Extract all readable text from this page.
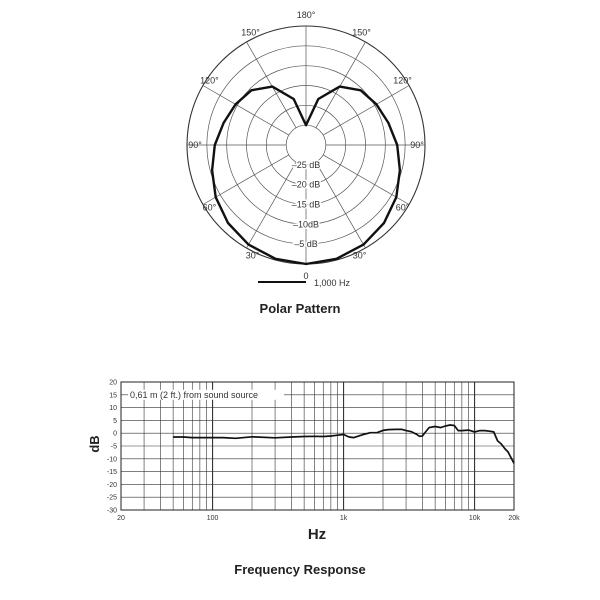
180°
150°
150°
120°
120°
90°
90°
60°
60°
30°
30°
0
–25 dB
–20 dB
–15 dB
–10dB
–5 dB
1,000 Hz
Polar Pattern
20
15
10
5
0
-5
-10
-15
-20
-25
-30
20	100	1k	10k	20k
Hz
dB
0,61 m (2 ft.) from sound source
Frequency Response
